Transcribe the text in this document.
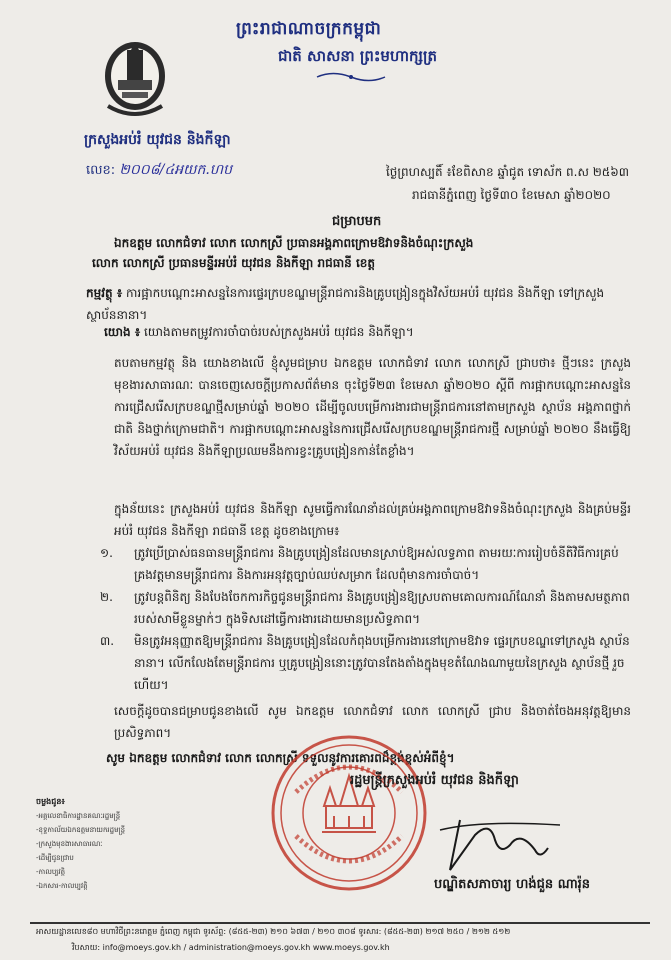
ព្រះរាជាណាចក្រកម្ពុជា
ជាតិ សាសនា ព្រះមហាក្សត្រ
ក្រសួងអប់រំ យុវជន និងកីឡា
លេខ: ២០០៨/៤អយក.ហប	ថ្ងៃព្រហស្បតិ៍ ៖ខែពិសាខ ឆ្នាំជូត ទោស័ក ព.ស ២៥៦៣
រាជធានីភ្នំពេញ ថ្ងៃទី៣០ ខែមេសា ឆ្នាំ២០២០
ជម្រាបមក
ឯកឧត្តម លោកជំទាវ លោក លោកស្រី ប្រធានអង្គភាពក្រោមឱវាទនិងចំណុះក្រសួង
លោក លោកស្រី ប្រធានមន្ទីរអប់រំ យុវជន និងកីឡា រាជធានី ខេត្ត
កម្មវត្ថុ ៖ ការផ្អាកបណ្តោះអាសន្ននៃការផ្ទេរក្របខណ្ឌមន្ត្រីរាជការនិងគ្រូបង្រៀនក្នុងវិស័យអប់រំ យុវជន និងកីឡា ទៅក្រសួង ស្ថាប័ននានា។
យោង ៖ យោងតាមតម្រូវការចាំបាច់របស់ក្រសួងអប់រំ យុវជន និងកីឡា។
តបតាមកម្មវត្ថុ និង យោងខាងលើ ខ្ញុំសូមជម្រាប ឯកឧត្តម លោកជំទាវ លោក លោកស្រី ជ្រាបថា៖ ថ្មីៗនេះ ក្រសួងមុខងារសាធារណៈ បានចេញសេចក្តីប្រកាសព័ត៌មាន ចុះថ្ងៃទី២៣ ខែមេសា ឆ្នាំ២០២០ ស្តីពី ការផ្អាកបណ្តោះអាសន្ននៃការជ្រើសរើសក្របខណ្ឌថ្មីសម្រាប់ឆ្នាំ ២០២០ ដើម្បីចូលបម្រើការងារជាមន្ត្រីរាជការនៅតាមក្រសួង ស្ថាប័ន អង្គភាពថ្នាក់ជាតិ និងថ្នាក់ក្រោមជាតិ។ ការផ្អាកបណ្តោះអាសន្ននៃការជ្រើសរើសក្របខណ្ឌមន្ត្រីរាជការថ្មី សម្រាប់ឆ្នាំ ២០២០ នឹងធ្វើឱ្យវិស័យអប់រំ យុវជន និងកីឡាប្រឈមនឹងការខ្វះគ្រូបង្រៀនកាន់តែខ្លាំង។
ក្នុងន័យនេះ ក្រសួងអប់រំ យុវជន និងកីឡា សូមធ្វើការណែនាំដល់គ្រប់អង្គភាពក្រោមឱវាទនិងចំណុះក្រសួង និងគ្រប់មន្ទីរអប់រំ យុវជន និងកីឡា រាជធានី ខេត្ត ដូចខាងក្រោម៖
១.	ត្រូវប្រើប្រាស់ធនធានមន្ត្រីរាជការ និងគ្រូបង្រៀនដែលមានស្រាប់ឱ្យអស់លទ្ធភាព តាមរយៈការរៀបចំនីតិវិធីការគ្រប់គ្រងវត្តមានមន្ត្រីរាជការ និងការអនុវត្តច្បាប់ឈប់សម្រាក ដែលពុំមានការចាំបាច់។
២.	ត្រូវបន្តពិនិត្យ និងបែងចែកការកិច្ចជូនមន្ត្រីរាជការ និងគ្រូបង្រៀនឱ្យស្របតាមគោលការណ៍ណែនាំ និងតាមសមត្ថភាពរបស់សាមីខ្លួនម្នាក់ៗ ក្នុងទិសដៅធ្វើការងារដោយមានប្រសិទ្ធភាព។
៣.	មិនត្រូវអនុញ្ញាតឱ្យមន្ត្រីរាជការ និងគ្រូបង្រៀនដែលកំពុងបម្រើការងារនៅក្រោមឱវាទ ផ្ទេរក្របខណ្ឌទៅក្រសួង ស្ថាប័ននានា។ លើកលែងតែមន្ត្រីរាជការ ឬគ្រូបង្រៀននោះត្រូវបានតែងតាំងក្នុងមុខតំណែងណាមួយនៃក្រសួង ស្ថាប័នថ្មី រួចហើយ។
សេចក្តីដូចបានជម្រាបជូនខាងលើ សូម ឯកឧត្តម លោកជំទាវ លោក លោកស្រី ជ្រាប និងចាត់ចែងអនុវត្តឱ្យមានប្រសិទ្ធភាព។
សូម ឯកឧត្តម លោកជំទាវ លោក លោកស្រី ទទួលនូវការគោរពដ៏ខ្ពង់ខ្ពស់អំពីខ្ញុំ។
រដ្ឋមន្ត្រីក្រសួងអប់រំ យុវជន និងកីឡា
បណ្ឌិតសភាចារ្យ ហង់ជួន ណារ៉ុន
ចម្លងជូន៖
-អគ្គលេខាធិការដ្ឋានគណៈរដ្ឋមន្ត្រី
-ខុទ្ទកាល័យឯកឧត្តមនាយករដ្ឋមន្ត្រី
-ក្រសួងមុខងារសាធារណៈ
-ដើម្បីជូនជ្រាប
-កាលប្បវត្តិ
-ឯកសារ-កាលប្បវត្តិ
អាសយដ្ឋានលេខ៨០ មហាវិថីព្រះនរោត្តម ភ្នំពេញ កម្ពុជា ទូរស័ព្ទ: (៨៥៥-២៣) ២១០ ៦៧៣ / ២១០ ៣០៨ ទូរសារ: (៨៥៥-២៣) ២១៧ ២៥០ / ២១២ ៥១២
វិបសាយ: info@moeys.gov.kh / administration@moeys.gov.kh www.moeys.gov.kh
